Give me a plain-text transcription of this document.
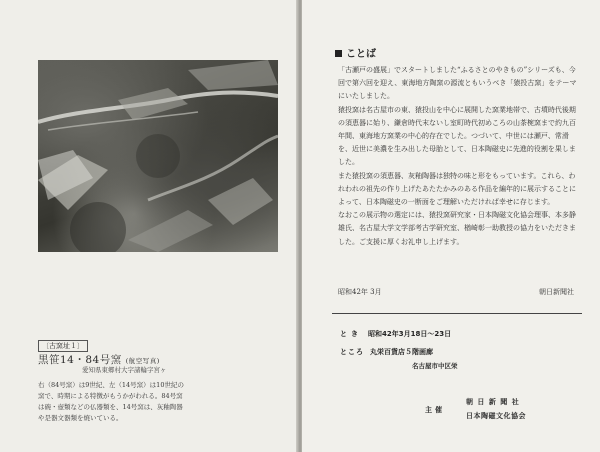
〔古窯址１〕
黒笹14・84号窯 (航空写真)
愛知県東郷村大字諸輪字宮ヶ
右（84号窯）は9世紀、左（14号窯）は10世紀の窯で、時期による特徴がもうかがわれる。84号窯は碗・壺類などの仏器類を、14号窯は、灰釉陶器や是器文器類を焼いている。
ことば

「古瀬戸の盛展」でスタートしました“ふるさとのやきもの”シリーズも、今回で第六回を迎え、東海地方陶窯の源流ともいうべき「猿投古窯」をテーマにいたしました。

猿投窯は名古屋市の東、猿投山を中心に展開した窯業地帯で、古墳時代後期の須恵器に始り、鎌倉時代末ないし室町時代初めころの山茶椀窯まで約九百年間、東海地方窯業の中心的存在でした。つづいて、中世には瀬戸、常滑を、近世に美濃を生み出した母胎として、日本陶磁史に先進的役割を果しました。

また猿投窯の須恵器、灰釉陶器は独特の味と形をもっています。これら、われわれの祖先の作り上げたあたたかみのある作品を編年的に展示することによって、日本陶磁史の一断面をご理解いただければ幸せに存じます。

なおこの展示物の選定には、猿投窯研究家・日本陶磁文化協会理事、本多静雄氏、名古屋大学文学部考古学研究室、楢崎彰一助教授の協力をいただきました。ご支援に厚くお礼申し上げます。

昭和42年 3月	朝日新聞社
とき 昭和42年3月18日〜23日
ところ 丸栄百貨店５階画廊
名古屋市中区栄
主催
朝 日 新 聞 社
日本陶磁文化協会
